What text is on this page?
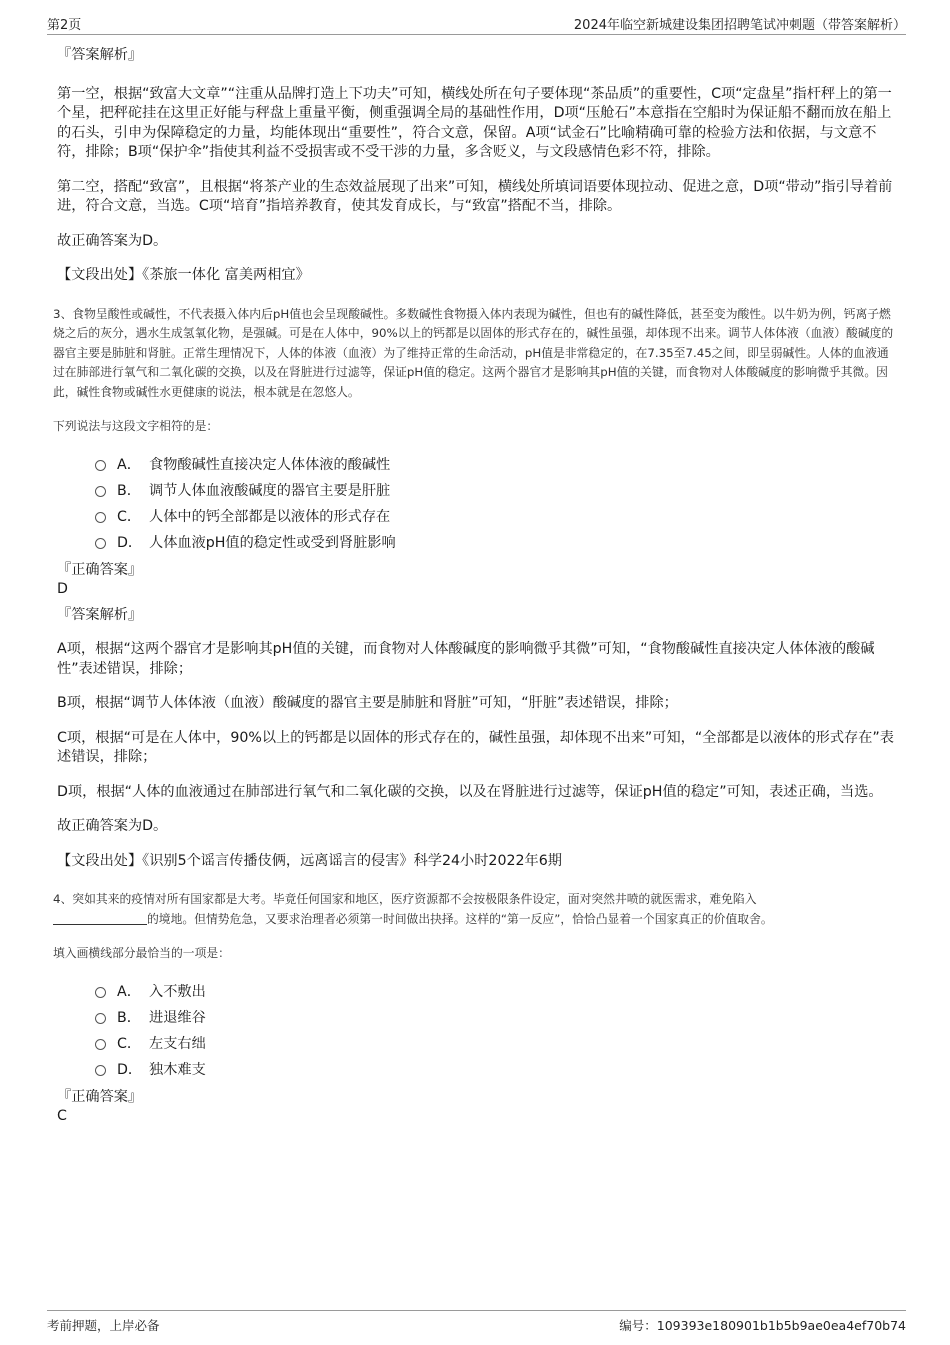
第2页	2024年临空新城建设集团招聘笔试冲刺题（带答案解析）

『答案解析』

第一空，根据“致富大文章”“注重从品牌打造上下功夫”可知，横线处所在句子要体现“茶品质”的重要性，C项“定盘星”指杆秤上的第一个星，把秤砣挂在这里正好能与秤盘上重量平衡，侧重强调全局的基础性作用，D项“压舱石”本意指在空船时为保证船不翻而放在船上的石头，引申为保障稳定的力量，均能体现出“重要性”，符合文意，保留。A项“试金石”比喻精确可靠的检验方法和依据，与文意不符，排除；B项“保护伞”指使其利益不受损害或不受干涉的力量，多含贬义，与文段感情色彩不符，排除。

第二空，搭配“致富”，且根据“将茶产业的生态效益展现了出来”可知，横线处所填词语要体现拉动、促进之意，D项“带动”指引导着前进，符合文意，当选。C项“培育”指培养教育，使其发育成长，与“致富”搭配不当，排除。

故正确答案为D。

【文段出处】《茶旅一体化 富美两相宜》

3、食物呈酸性或碱性，不代表摄入体内后pH值也会呈现酸碱性。多数碱性食物摄入体内表现为碱性，但也有的碱性降低，甚至变为酸性。以牛奶为例，钙离子燃烧之后的灰分，遇水生成氢氧化物，是强碱。可是在人体中，90%以上的钙都是以固体的形式存在的，碱性虽强，却体现不出来。调节人体体液（血液）酸碱度的器官主要是肺脏和肾脏。正常生理情况下，人体的体液（血液）为了维持正常的生命活动，pH值是非常稳定的，在7.35至7.45之间，即呈弱碱性。人体的血液通过在肺部进行氧气和二氧化碳的交换，以及在肾脏进行过滤等，保证pH值的稳定。这两个器官才是影响其pH值的关键，而食物对人体酸碱度的影响微乎其微。因此，碱性食物或碱性水更健康的说法，根本就是在忽悠人。

下列说法与这段文字相符的是：

A． 食物酸碱性直接决定人体体液的酸碱性
B． 调节人体血液酸碱度的器官主要是肝脏
C． 人体中的钙全部都是以液体的形式存在
D． 人体血液pH值的稳定性或受到肾脏影响

『正确答案』

D

『答案解析』

A项，根据“这两个器官才是影响其pH值的关键，而食物对人体酸碱度的影响微乎其微”可知，“食物酸碱性直接决定人体体液的酸碱性”表述错误，排除；

B项，根据“调节人体体液（血液）酸碱度的器官主要是肺脏和肾脏”可知，“肝脏”表述错误，排除；

C项，根据“可是在人体中，90%以上的钙都是以固体的形式存在的，碱性虽强，却体现不出来”可知，“全部都是以液体的形式存在”表述错误，排除；

D项，根据“人体的血液通过在肺部进行氧气和二氧化碳的交换，以及在肾脏进行过滤等，保证pH值的稳定”可知，表述正确，当选。

故正确答案为D。

【文段出处】《识别5个谣言传播伎俩，远离谣言的侵害》科学24小时2022年6期

4、突如其来的疫情对所有国家都是大考。毕竟任何国家和地区，医疗资源都不会按极限条件设定，面对突然井喷的就医需求，难免陷入
的境地。但情势危急，又要求治理者必须第一时间做出抉择。这样的“第一反应”，恰恰凸显着一个国家真正的价值取舍。

填入画横线部分最恰当的一项是：

A． 入不敷出
B． 进退维谷
C． 左支右绌
D． 独木难支

『正确答案』

C

考前押题，上岸必备	编号：109393e180901b1b5b9ae0ea4ef70b74
